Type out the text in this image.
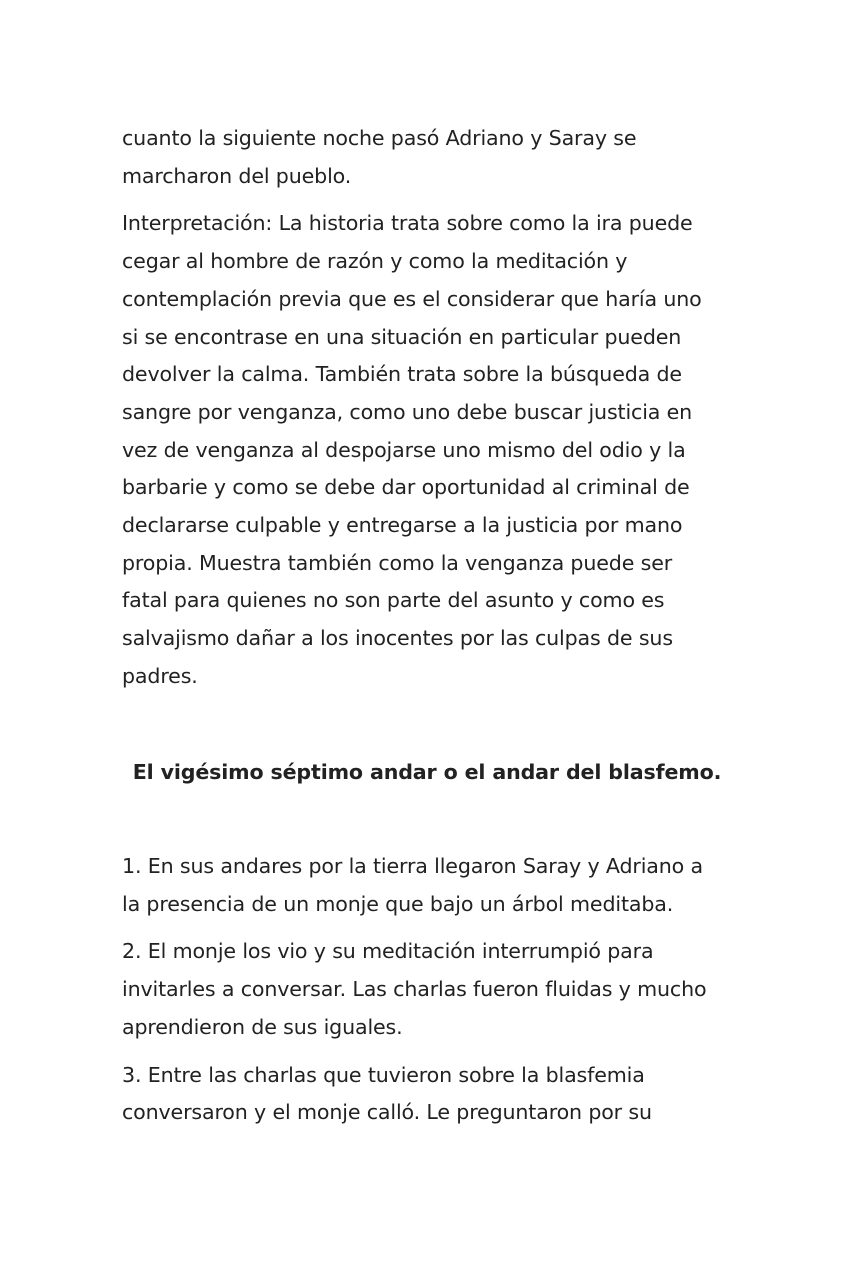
cuanto la siguiente noche pasó Adriano y Saray se marcharon del pueblo.

Interpretación: La historia trata sobre como la ira puede cegar al hombre de razón y como la meditación y contemplación previa que es el considerar que haría uno si se encontrase en una situación en particular pueden devolver la calma. También trata sobre la búsqueda de sangre por venganza, como uno debe buscar justicia en vez de venganza al despojarse uno mismo del odio y la barbarie y como se debe dar oportunidad al criminal de declararse culpable y entregarse a la justicia por mano propia. Muestra también como la venganza puede ser fatal para quienes no son parte del asunto y como es salvajismo dañar a los inocentes por las culpas de sus padres.

El vigésimo séptimo andar o el andar del blasfemo.

1. En sus andares por la tierra llegaron Saray y Adriano a la presencia de un monje que bajo un árbol meditaba.

2. El monje los vio y su meditación interrumpió para invitarles a conversar. Las charlas fueron fluidas y mucho aprendieron de sus iguales.

3. Entre las charlas que tuvieron sobre la blasfemia conversaron y el monje calló. Le preguntaron por su
